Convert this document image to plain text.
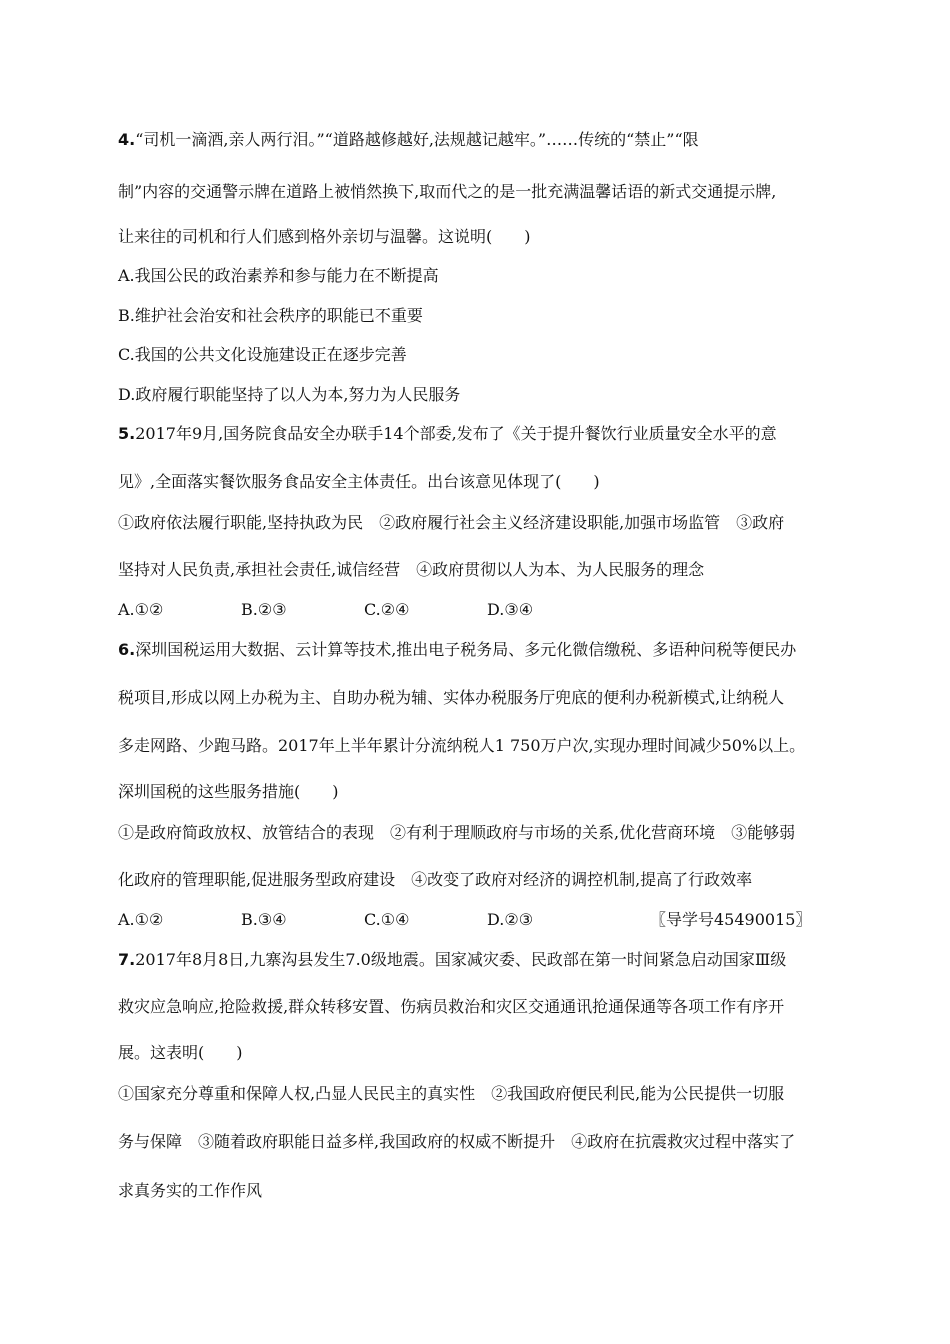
4.“司机一滴酒,亲人两行泪。”“道路越修越好,法规越记越牢。”……传统的“禁止”“限
制”内容的交通警示牌在道路上被悄然换下,取而代之的是一批充满温馨话语的新式交通提示牌,
让来往的司机和行人们感到格外亲切与温馨。这说明(　　)
A.我国公民的政治素养和参与能力在不断提高
B.维护社会治安和社会秩序的职能已不重要
C.我国的公共文化设施建设正在逐步完善
D.政府履行职能坚持了以人为本,努力为人民服务
5.2017年9月,国务院食品安全办联手14个部委,发布了《关于提升餐饮行业质量安全水平的意
见》,全面落实餐饮服务食品安全主体责任。出台该意见体现了(　　)
①政府依法履行职能,坚持执政为民　②政府履行社会主义经济建设职能,加强市场监管　③政府
坚持对人民负责,承担社会责任,诚信经营　④政府贯彻以人为本、为人民服务的理念
A.①②	B.②③	C.②④	D.③④
6.深圳国税运用大数据、云计算等技术,推出电子税务局、多元化微信缴税、多语种问税等便民办
税项目,形成以网上办税为主、自助办税为辅、实体办税服务厅兜底的便利办税新模式,让纳税人
多走网路、少跑马路。2017年上半年累计分流纳税人1 750万户次,实现办理时间减少50%以上。
深圳国税的这些服务措施(　　)
①是政府简政放权、放管结合的表现　②有利于理顺政府与市场的关系,优化营商环境　③能够弱
化政府的管理职能,促进服务型政府建设　④改变了政府对经济的调控机制,提高了行政效率
A.①②	B.③④	C.①④	D.②③	〖导学号45490015〗
7.2017年8月8日,九寨沟县发生7.0级地震。国家减灾委、民政部在第一时间紧急启动国家Ⅲ级
救灾应急响应,抢险救援,群众转移安置、伤病员救治和灾区交通通讯抢通保通等各项工作有序开
展。这表明(　　)
①国家充分尊重和保障人权,凸显人民民主的真实性　②我国政府便民利民,能为公民提供一切服
务与保障　③随着政府职能日益多样,我国政府的权威不断提升　④政府在抗震救灾过程中落实了
求真务实的工作作风
